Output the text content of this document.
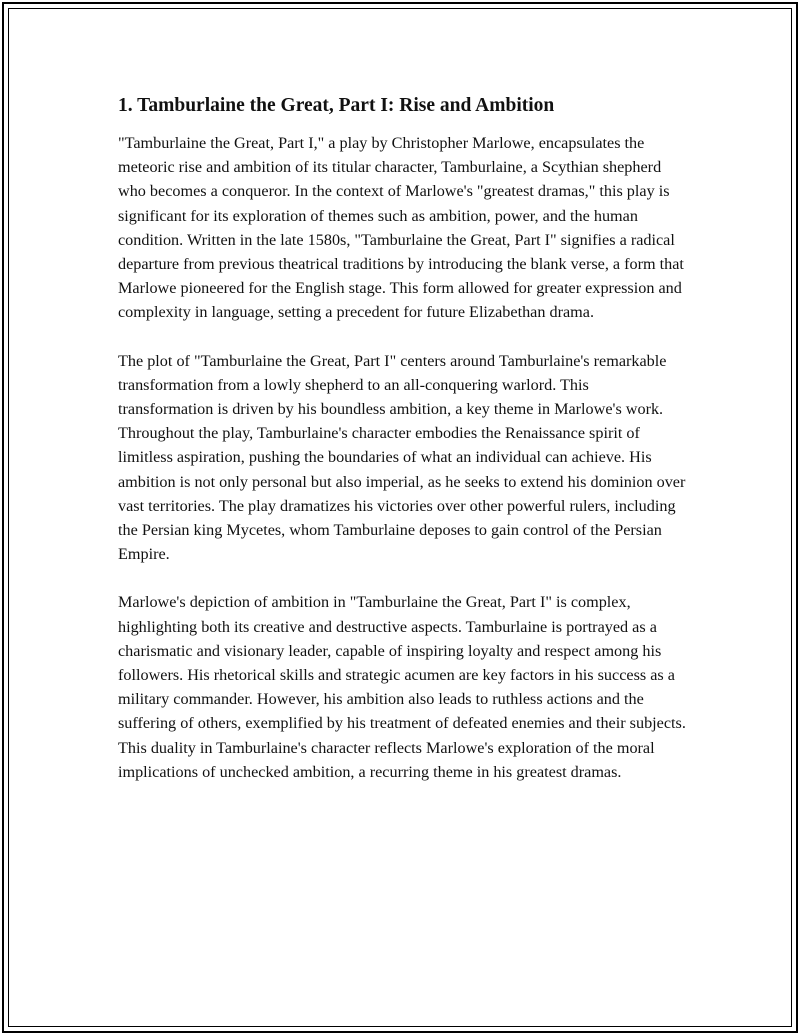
1. Tamburlaine the Great, Part I: Rise and Ambition

"Tamburlaine the Great, Part I," a play by Christopher Marlowe, encapsulates the meteoric rise and ambition of its titular character, Tamburlaine, a Scythian shepherd who becomes a conqueror. In the context of Marlowe's "greatest dramas," this play is significant for its exploration of themes such as ambition, power, and the human condition. Written in the late 1580s, "Tamburlaine the Great, Part I" signifies a radical departure from previous theatrical traditions by introducing the blank verse, a form that Marlowe pioneered for the English stage. This form allowed for greater expression and complexity in language, setting a precedent for future Elizabethan drama.

The plot of "Tamburlaine the Great, Part I" centers around Tamburlaine's remarkable transformation from a lowly shepherd to an all-conquering warlord. This transformation is driven by his boundless ambition, a key theme in Marlowe's work. Throughout the play, Tamburlaine's character embodies the Renaissance spirit of limitless aspiration, pushing the boundaries of what an individual can achieve. His ambition is not only personal but also imperial, as he seeks to extend his dominion over vast territories. The play dramatizes his victories over other powerful rulers, including the Persian king Mycetes, whom Tamburlaine deposes to gain control of the Persian Empire.

Marlowe's depiction of ambition in "Tamburlaine the Great, Part I" is complex, highlighting both its creative and destructive aspects. Tamburlaine is portrayed as a charismatic and visionary leader, capable of inspiring loyalty and respect among his followers. His rhetorical skills and strategic acumen are key factors in his success as a military commander. However, his ambition also leads to ruthless actions and the suffering of others, exemplified by his treatment of defeated enemies and their subjects. This duality in Tamburlaine's character reflects Marlowe's exploration of the moral implications of unchecked ambition, a recurring theme in his greatest dramas.
